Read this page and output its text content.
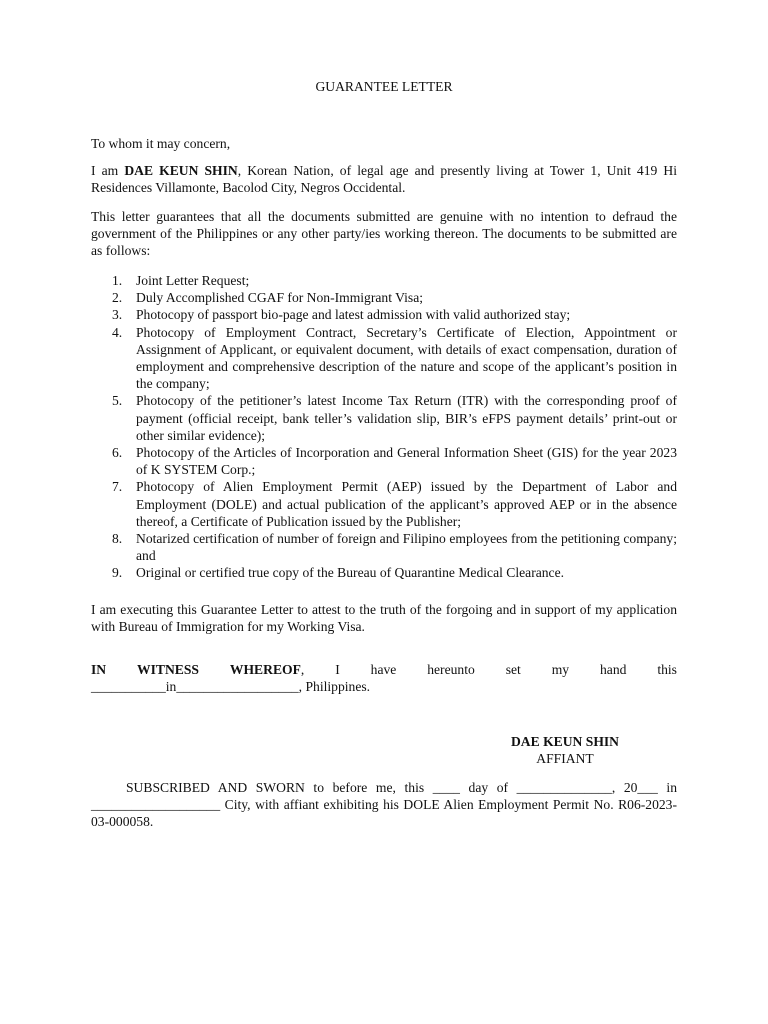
GUARANTEE LETTER
To whom it may concern,
I am DAE KEUN SHIN, Korean Nation, of legal age and presently living at Tower 1, Unit 419 Hi Residences Villamonte, Bacolod City, Negros Occidental.
This letter guarantees that all the documents submitted are genuine with no intention to defraud the government of the Philippines or any other party/ies working thereon. The documents to be submitted are as follows:
1.	Joint Letter Request;
2.	Duly Accomplished CGAF for Non-Immigrant Visa;
3.	Photocopy of passport bio-page and latest admission with valid authorized stay;
4.	Photocopy of Employment Contract, Secretary’s Certificate of Election, Appointment or Assignment of Applicant, or equivalent document, with details of exact compensation, duration of employment and comprehensive description of the nature and scope of the applicant’s position in the company;
5.	Photocopy of the petitioner’s latest Income Tax Return (ITR) with the corresponding proof of payment (official receipt, bank teller’s validation slip, BIR’s eFPS payment details’ print-out or other similar evidence);
6.	Photocopy of the Articles of Incorporation and General Information Sheet (GIS) for the year 2023 of K SYSTEM Corp.;
7.	Photocopy of Alien Employment Permit (AEP) issued by the Department of Labor and Employment (DOLE) and actual publication of the applicant’s approved AEP or in the absence thereof, a Certificate of Publication issued by the Publisher;
8.	Notarized certification of number of foreign and Filipino employees from the petitioning company; and
9.	Original or certified true copy of the Bureau of Quarantine Medical Clearance.
I am executing this Guarantee Letter to attest to the truth of the forgoing and in support of my application with Bureau of Immigration for my Working Visa.
IN WITNESS WHEREOF, I have hereunto set my hand this
___________in__________________, Philippines.
DAE KEUN SHIN
AFFIANT
SUBSCRIBED AND SWORN to before me, this ____ day of ______________, 20___ in ___________________ City, with affiant exhibiting his DOLE Alien Employment Permit No. R06-2023-03-000058.
